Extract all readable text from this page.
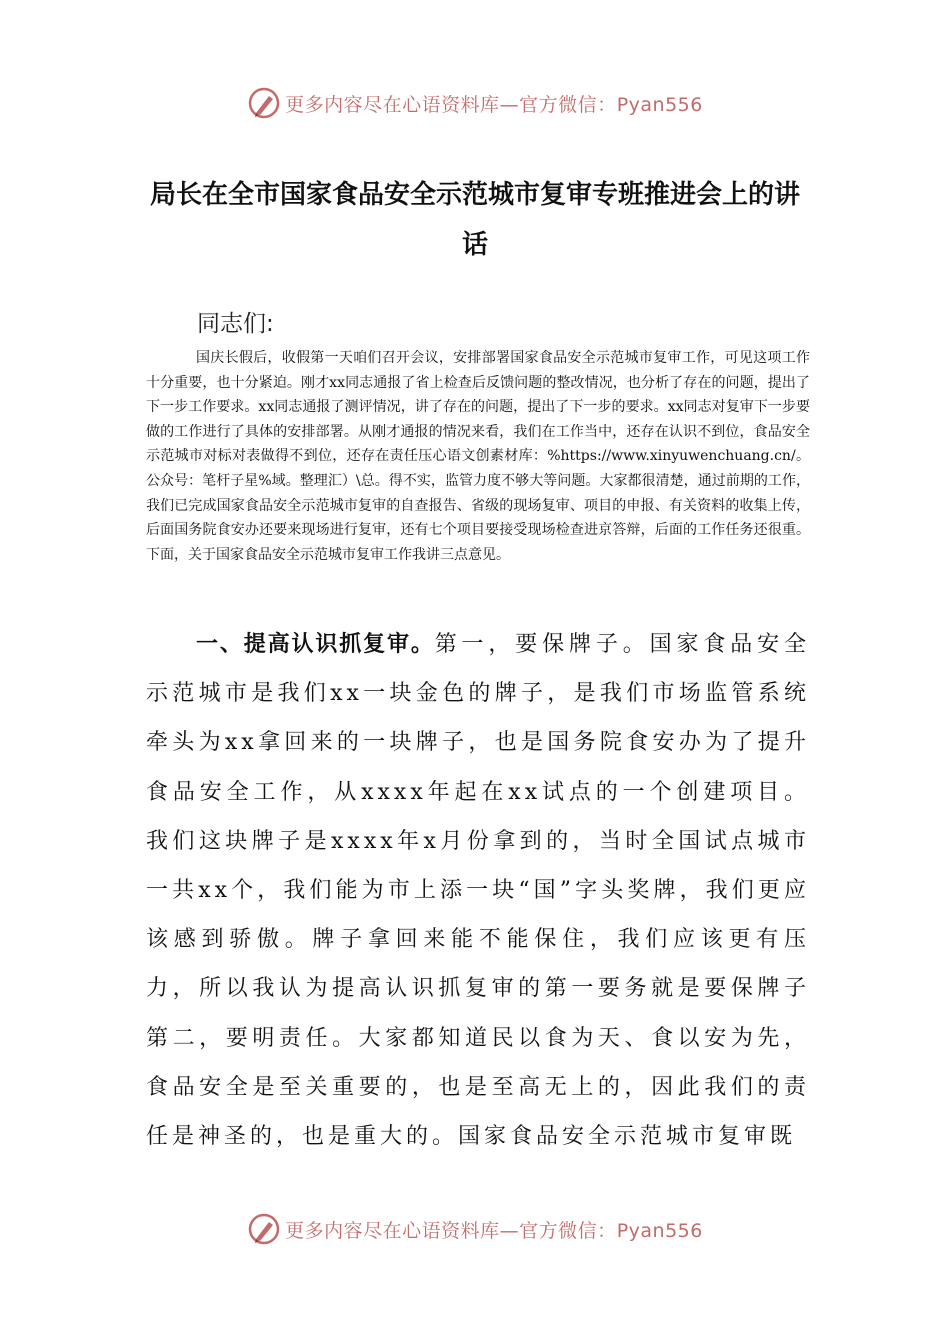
更多内容尽在心语资料库—官方微信：Pyan556
局长在全市国家食品安全示范城市复审专班推进会上的讲话
同志们:
国庆长假后，收假第一天咱们召开会议，安排部署国家食品安全示范城市复审工作，可见这项工作十分重要，也十分紧迫。刚才xx同志通报了省上检查后反馈问题的整改情况，也分析了存在的问题，提出了下一步工作要求。xx同志通报了测评情况，讲了存在的问题，提出了下一步的要求。xx同志对复审下一步要做的工作进行了具体的安排部署。从刚才通报的情况来看，我们在工作当中，还存在认识不到位，食品安全示范城市对标对表做得不到位，还存在责任压心语文创素材库：%https://www.xinyuwenchuang.cn/。公众号：笔杆子星%域。整理汇）\总。得不实，监管力度不够大等问题。大家都很清楚，通过前期的工作，我们已完成国家食品安全示范城市复审的自查报告、省级的现场复审、项目的申报、有关资料的收集上传，后面国务院食安办还要来现场进行复审，还有七个项目要接受现场检查进京答辩，后面的工作任务还很重。下面，关于国家食品安全示范城市复审工作我讲三点意见。
一、提高认识抓复审。第一，要保牌子。国家食品安全示范城市是我们xx一块金色的牌子，是我们市场监管系统牵头为xx拿回来的一块牌子，也是国务院食安办为了提升食品安全工作，从xxxx年起在xx试点的一个创建项目。我们这块牌子是xxxx年x月份拿到的，当时全国试点城市一共xx个，我们能为市上添一块“国”字头奖牌，我们更应该感到骄傲。牌子拿回来能不能保住，我们应该更有压力，所以我认为提高认识抓复审的第一要务就是要保牌子第二，要明责任。大家都知道民以食为天、食以安为先，食品安全是至关重要的，也是至高无上的，因此我们的责任是神圣的，也是重大的。国家食品安全示范城市复审既
更多内容尽在心语资料库—官方微信：Pyan556
